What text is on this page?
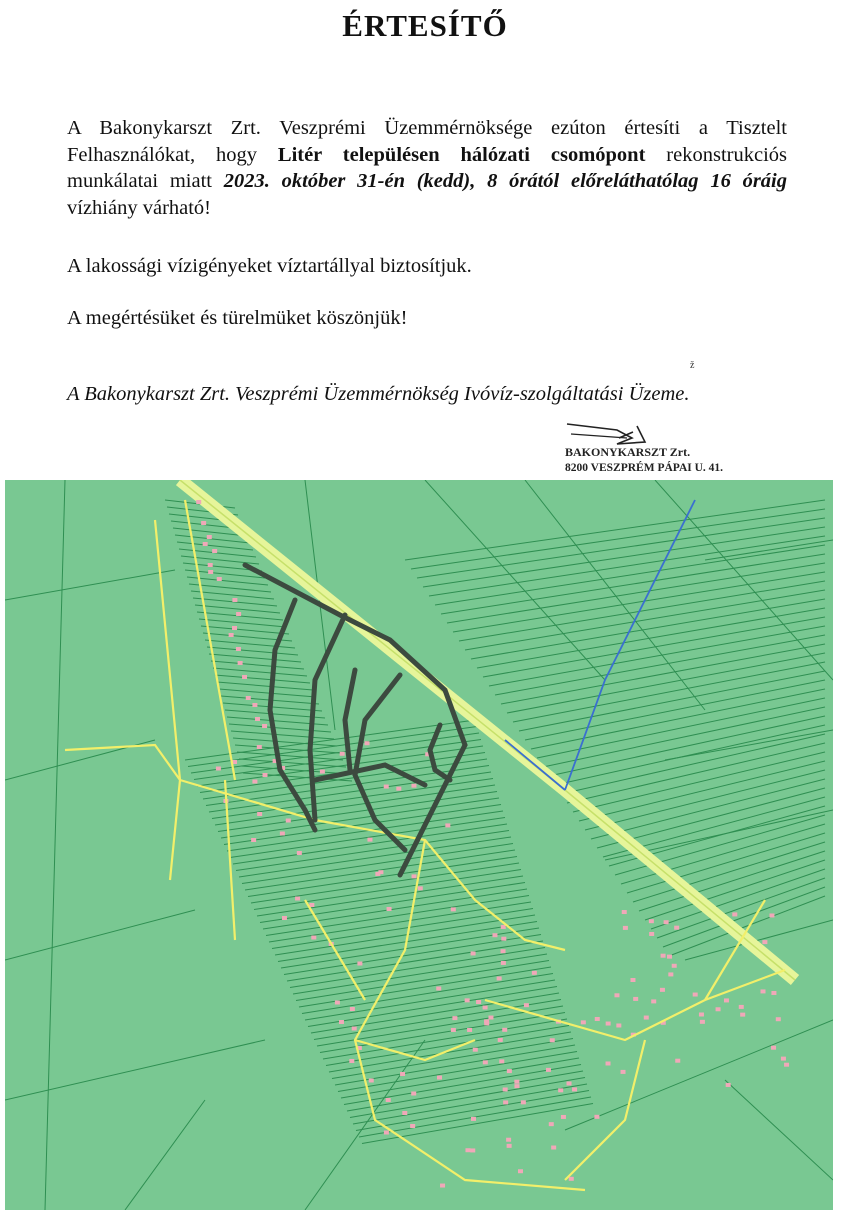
ÉRTESÍTŐ

A Bakonykarszt Zrt. Veszprémi Üzemmérnöksége ezúton értesíti a Tisztelt Felhasználókat, hogy Litér településen hálózati csomópont rekonstrukciós munkálatai miatt 2023. október 31-én (kedd), 8 órától előreláthatólag 16 óráig vízhiány várható!

A lakossági vízigényeket víztartállyal biztosítjuk.

A megértésüket és türelmüket köszönjük!

A Bakonykarszt Zrt. Veszprémi Üzemmérnökség Ivóvíz-szolgáltatási Üzeme.

ž
BAKONYKARSZT Zrt.
8200 VESZPRÉM PÁPAI U. 41.
